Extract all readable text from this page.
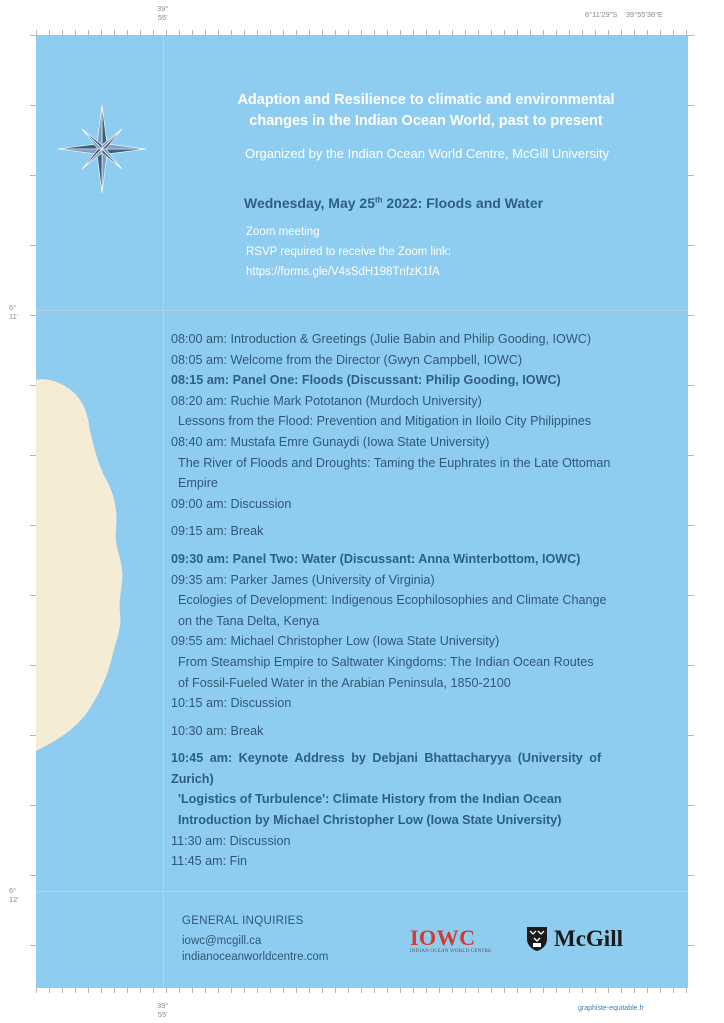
39°
55'	6°11'29"S 39°55'36"E
6°
11'
6°
12'
39°
55'
Adaption and Resilience to climatic and environmental
changes in the Indian Ocean World, past to present
Organized by the Indian Ocean World Centre, McGill University
Wednesday, May 25th 2022: Floods and Water
Zoom meeting
RSVP required to receive the Zoom link:
https://forms.gle/V4sSdH198TnfzK1fA
08:00 am: Introduction & Greetings (Julie Babin and Philip Gooding, IOWC)
08:05 am: Welcome from the Director (Gwyn Campbell, IOWC)
08:15 am: Panel One: Floods (Discussant: Philip Gooding, IOWC)
08:20 am: Ruchie Mark Pototanon (Murdoch University)
Lessons from the Flood: Prevention and Mitigation in Iloilo City Philippines
08:40 am: Mustafa Emre Gunaydi (Iowa State University)
The River of Floods and Droughts: Taming the Euphrates in the Late Ottoman
Empire
09:00 am: Discussion
09:15 am: Break
09:30 am: Panel Two: Water (Discussant: Anna Winterbottom, IOWC)
09:35 am: Parker James (University of Virginia)
Ecologies of Development: Indigenous Ecophilosophies and Climate Change
on the Tana Delta, Kenya
09:55 am: Michael Christopher Low (Iowa State University)
From Steamship Empire to Saltwater Kingdoms: The Indian Ocean Routes
of Fossil-Fueled Water in the Arabian Peninsula, 1850-2100
10:15 am: Discussion
10:30 am: Break
10:45 am: Keynote Address by Debjani Bhattacharyya (University of
Zurich)
'Logistics of Turbulence': Climate History from the Indian Ocean
Introduction by Michael Christopher Low (Iowa State University)
11:30 am: Discussion
11:45 am: Fin
GENERAL INQUIRIES
iowc@mcgill.ca
indianoceanworldcentre.com
IOWC
INDIAN OCEAN WORLD CENTRE
McGill
graphiste-equitable.fr
